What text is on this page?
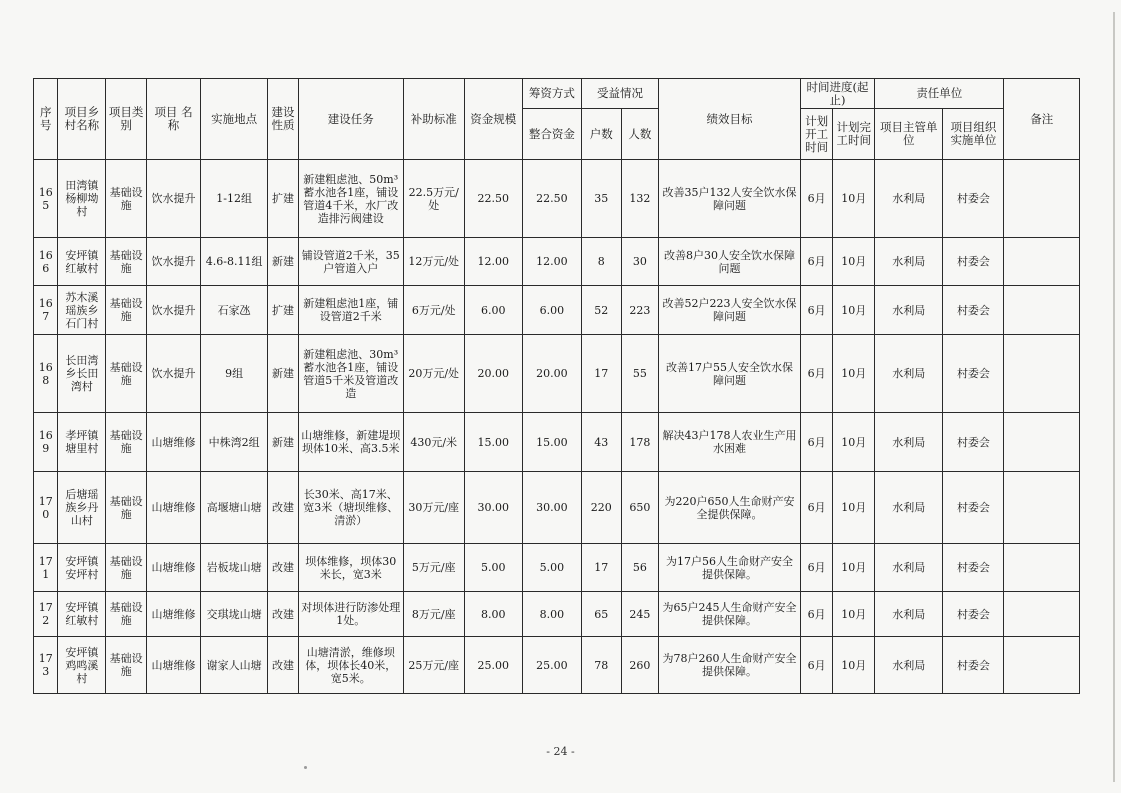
序号	项目乡村名称	项目类别	项目 名称	实施地点	建设性质	建设任务	补助标准	资金规模	筹资方式	受益情况		绩效目标	时间进度(起止)		责任单位		备注
									整合资金	户数	人数		计划开工时间	计划完工时间	项目主管单位	项目组织实施单位	
165	田湾镇杨柳坳村	基础设施	饮水提升	1-12组	扩建	新建粗虑池、50m³蓄水池各1座，铺设管道4千米，水厂改造排污阀建设	22.5万元/处	22.50	22.50	35	132	改善35户132人安全饮水保障问题	6月	10月	水利局	村委会	
166	安坪镇红敏村	基础设施	饮水提升	4.6-8.11组	新建	铺设管道2千米，35户管道入户	12万元/处	12.00	12.00	8	30	改善8户30人安全饮水保障问题	6月	10月	水利局	村委会	
167	苏木溪瑶族乡石门村	基础设施	饮水提升	石家氹	扩建	新建粗虑池1座，铺设管道2千米	6万元/处	6.00	6.00	52	223	改善52户223人安全饮水保障问题	6月	10月	水利局	村委会	
168	长田湾乡长田湾村	基础设施	饮水提升	9组	新建	新建粗虑池、30m³蓄水池各1座，铺设管道5千米及管道改造	20万元/处	20.00	20.00	17	55	改善17户55人安全饮水保障问题	6月	10月	水利局	村委会	
169	孝坪镇塘里村	基础设施	山塘维修	中株湾2组	新建	山塘维修，新建堤坝坝体10米、高3.5米	430元/米	15.00	15.00	43	178	解决43户178人农业生产用水困难	6月	10月	水利局	村委会	
170	后塘瑶族乡丹山村	基础设施	山塘维修	高堰塘山塘	改建	长30米、高17米、宽3米（塘坝维修、清淤）	30万元/座	30.00	30.00	220	650	为220户650人生命财产安全提供保障。	6月	10月	水利局	村委会	
171	安坪镇安坪村	基础设施	山塘维修	岩板垅山塘	改建	坝体维修，坝体30米长，宽3米	5万元/座	5.00	5.00	17	56	为17户56人生命财产安全提供保障。	6月	10月	水利局	村委会	
172	安坪镇红敏村	基础设施	山塘维修	交琪垅山塘	改建	对坝体进行防渗处理1处。	8万元/座	8.00	8.00	65	245	为65户245人生命财产安全提供保障。	6月	10月	水利局	村委会	
173	安坪镇鸡鸣溪村	基础设施	山塘维修	谢家人山塘	改建	山塘清淤，维修坝体，坝体长40米，宽5米。	25万元/座	25.00	25.00	78	260	为78户260人生命财产安全提供保障。	6月	10月	水利局	村委会	
- 24 -
